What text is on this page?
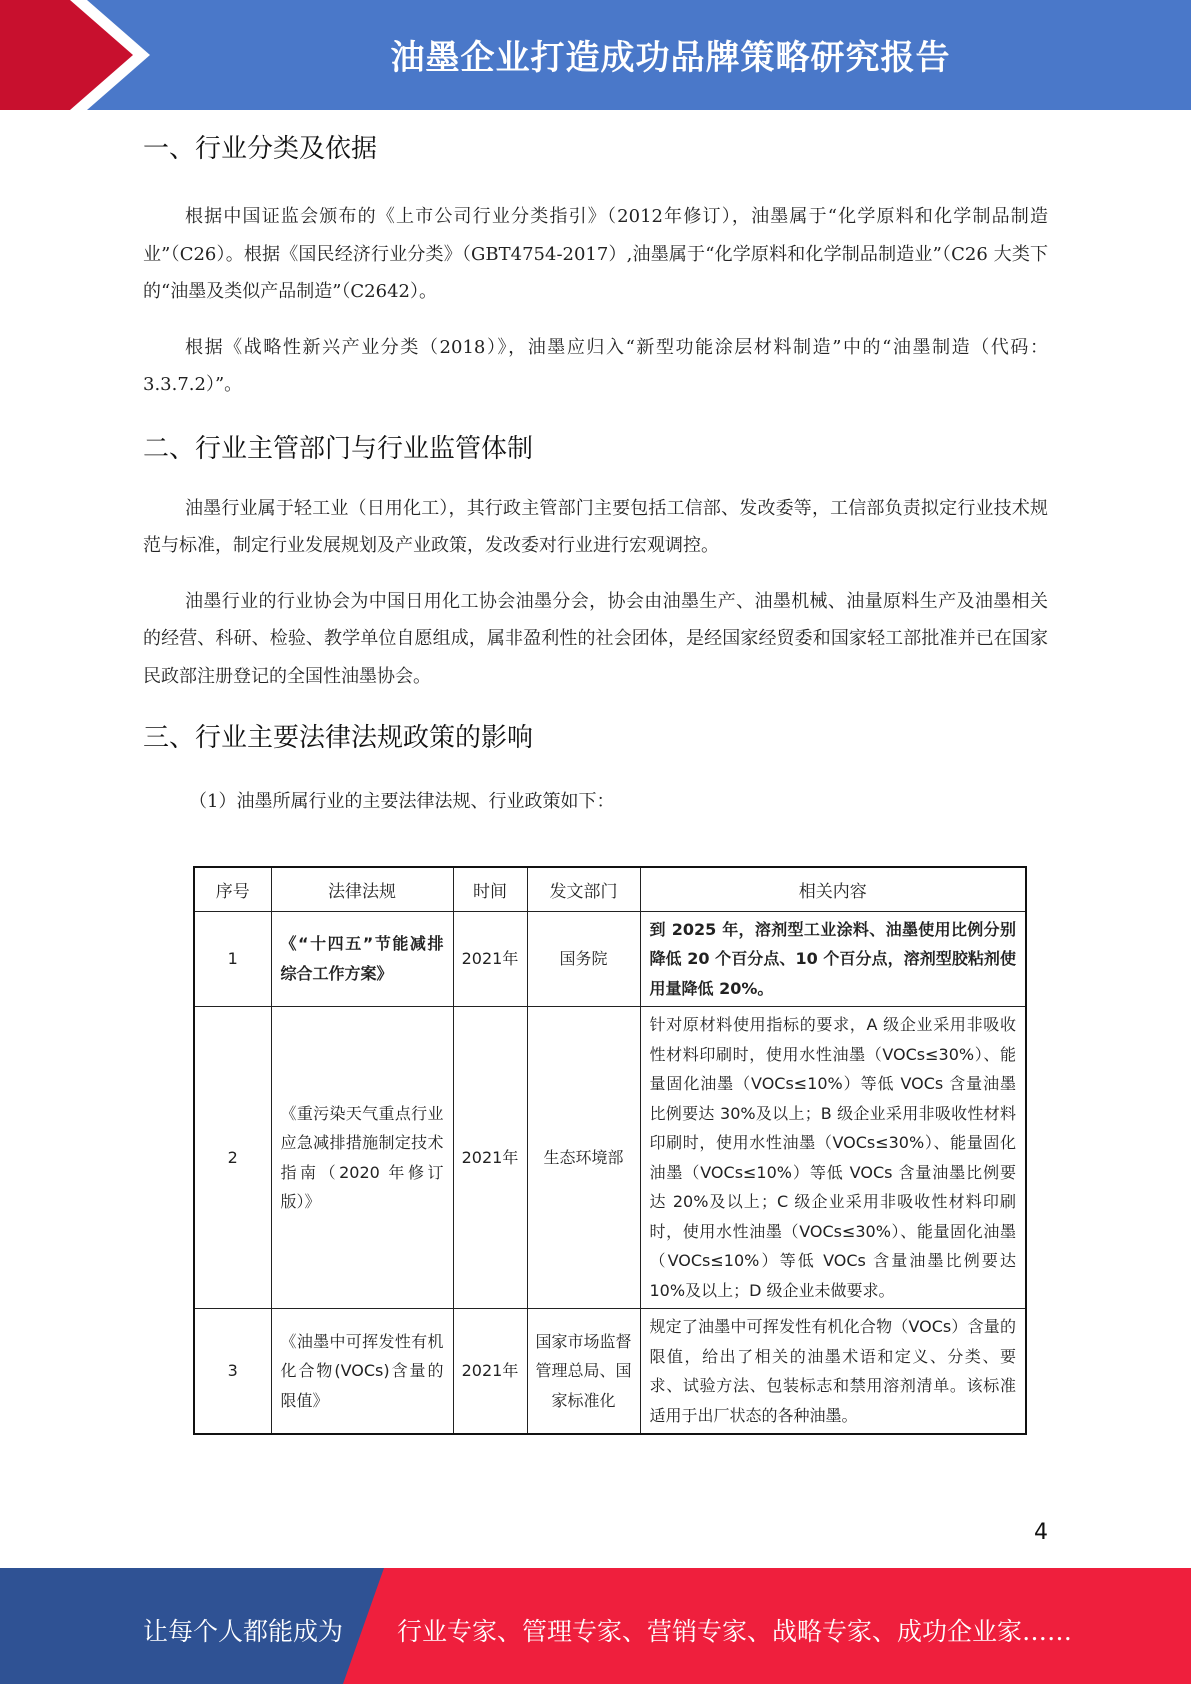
油墨企业打造成功品牌策略研究报告
一、行业分类及依据

根据中国证监会颁布的《上市公司行业分类指引》（2012年修订），油墨属于“化学原料和化学制品制造业”（C26）。根据《国民经济行业分类》（GBT4754-2017）,油墨属于“化学原料和化学制品制造业”（C26 大类下的“油墨及类似产品制造”（C2642）。

根据《战略性新兴产业分类（2018）》，油墨应归入“新型功能涂层材料制造”中的“油墨制造（代码：3.3.7.2）”。

二、行业主管部门与行业监管体制

油墨行业属于轻工业（日用化工），其行政主管部门主要包括工信部、发改委等，工信部负责拟定行业技术规范与标准，制定行业发展规划及产业政策，发改委对行业进行宏观调控。

油墨行业的行业协会为中国日用化工协会油墨分会，协会由油墨生产、油墨机械、油量原料生产及油墨相关的经营、科研、检验、教学单位自愿组成，属非盈利性的社会团体，是经国家经贸委和国家轻工部批准并已在国家民政部注册登记的全国性油墨协会。

三、行业主要法律法规政策的影响

（1）油墨所属行业的主要法律法规、行业政策如下：

序号	法律法规	时间	发文部门	相关内容
1	《“十四五”节能减排综合工作方案》	2021年	国务院	到 2025 年，溶剂型工业涂料、油墨使用比例分别降低 20 个百分点、10 个百分点，溶剂型胶粘剂使用量降低 20%。
2	《重污染天气重点行业应急减排措施制定技术指南（2020 年修订版）》	2021年	生态环境部	针对原材料使用指标的要求，A 级企业采用非吸收性材料印刷时，使用水性油墨（VOCs≤30%）、能量固化油墨（VOCs≤10%）等低 VOCs 含量油墨比例要达 30%及以上；B 级企业采用非吸收性材料印刷时，使用水性油墨（VOCs≤30%）、能量固化油墨（VOCs≤10%）等低 VOCs 含量油墨比例要达 20%及以上；C 级企业采用非吸收性材料印刷时，使用水性油墨（VOCs≤30%）、能量固化油墨（VOCs≤10%）等低 VOCs 含量油墨比例要达 10%及以上；D 级企业未做要求。
3	《油墨中可挥发性有机化合物(VOCs)含量的限值》	2021年	国家市场监督管理总局、国家标准化	规定了油墨中可挥发性有机化合物（VOCs）含量的限值，给出了相关的油墨术语和定义、分类、要求、试验方法、包装标志和禁用溶剂清单。该标准适用于出厂状态的各种油墨。
4
让每个人都能成为 行业专家、管理专家、营销专家、战略专家、成功企业家……
